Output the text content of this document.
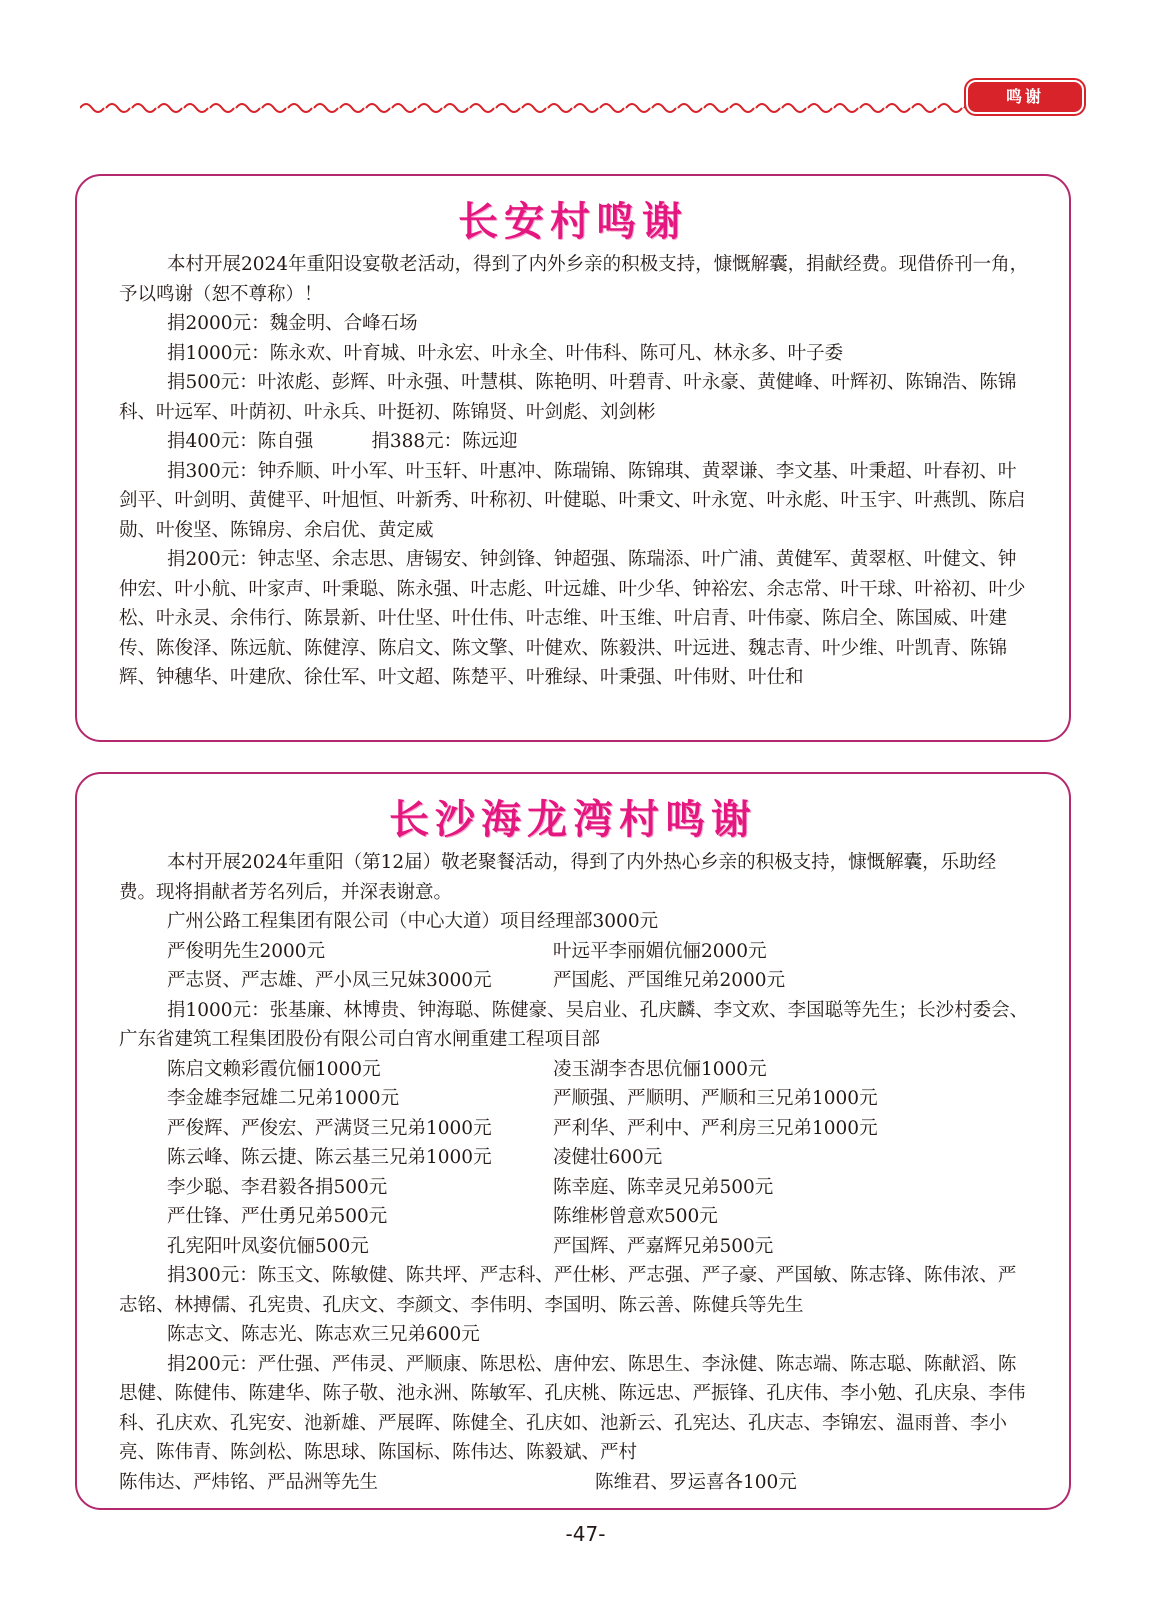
鸣谢
长安村鸣谢

本村开展2024年重阳设宴敬老活动，得到了内外乡亲的积极支持，慷慨解囊，捐献经费。现借侨刊一角，予以鸣谢（恕不尊称）！

捐2000元：魏金明、合峰石场

捐1000元：陈永欢、叶育城、叶永宏、叶永全、叶伟科、陈可凡、林永多、叶子委

捐500元：叶浓彪、彭辉、叶永强、叶慧棋、陈艳明、叶碧青、叶永豪、黄健峰、叶辉初、陈锦浩、陈锦科、叶远军、叶荫初、叶永兵、叶挺初、陈锦贤、叶剑彪、刘剑彬

捐400元：陈自强	捐388元：陈远迎

捐300元：钟乔顺、叶小军、叶玉轩、叶惠冲、陈瑞锦、陈锦琪、黄翠谦、李文基、叶秉超、叶春初、叶剑平、叶剑明、黄健平、叶旭恒、叶新秀、叶称初、叶健聪、叶秉文、叶永宽、叶永彪、叶玉宇、叶燕凯、陈启勋、叶俊坚、陈锦房、余启优、黄定威

捐200元：钟志坚、余志思、唐锡安、钟剑锋、钟超强、陈瑞添、叶广浦、黄健军、黄翠枢、叶健文、钟仲宏、叶小航、叶家声、叶秉聪、陈永强、叶志彪、叶远雄、叶少华、钟裕宏、余志常、叶干球、叶裕初、叶少松、叶永灵、余伟行、陈景新、叶仕坚、叶仕伟、叶志维、叶玉维、叶启青、叶伟豪、陈启全、陈国威、叶建传、陈俊泽、陈远航、陈健淳、陈启文、陈文擎、叶健欢、陈毅洪、叶远进、魏志青、叶少维、叶凯青、陈锦辉、钟穗华、叶建欣、徐仕军、叶文超、陈楚平、叶雅绿、叶秉强、叶伟财、叶仕和

长沙海龙湾村鸣谢

本村开展2024年重阳（第12届）敬老聚餐活动，得到了内外热心乡亲的积极支持，慷慨解囊，乐助经费。现将捐献者芳名列后，并深表谢意。

广州公路工程集团有限公司（中心大道）项目经理部3000元

严俊明先生2000元	叶远平李丽媚伉俪2000元
严志贤、严志雄、严小凤三兄妹3000元	严国彪、严国维兄弟2000元

捐1000元：张基廉、林博贵、钟海聪、陈健豪、吴启业、孔庆麟、李文欢、李国聪等先生；长沙村委会、广东省建筑工程集团股份有限公司白宵水闸重建工程项目部

陈启文赖彩霞伉俪1000元	凌玉湖李杏思伉俪1000元
李金雄李冠雄二兄弟1000元	严顺强、严顺明、严顺和三兄弟1000元
严俊辉、严俊宏、严满贤三兄弟1000元	严利华、严利中、严利房三兄弟1000元
陈云峰、陈云捷、陈云基三兄弟1000元	凌健壮600元
李少聪、李君毅各捐500元	陈幸庭、陈幸灵兄弟500元
严仕锋、严仕勇兄弟500元	陈维彬曾意欢500元
孔宪阳叶凤姿伉俪500元	严国辉、严嘉辉兄弟500元

捐300元：陈玉文、陈敏健、陈共坪、严志科、严仕彬、严志强、严子豪、严国敏、陈志锋、陈伟浓、严志铭、林搏儒、孔宪贵、孔庆文、李颜文、李伟明、李国明、陈云善、陈健兵等先生

陈志文、陈志光、陈志欢三兄弟600元

捐200元：严仕强、严伟灵、严顺康、陈思松、唐仲宏、陈思生、李泳健、陈志端、陈志聪、陈献滔、陈思健、陈健伟、陈建华、陈子敬、池永洲、陈敏军、孔庆桃、陈远忠、严振锋、孔庆伟、李小勉、孔庆泉、李伟科、孔庆欢、孔宪安、池新雄、严展晖、陈健全、孔庆如、池新云、孔宪达、孔庆志、李锦宏、温雨普、李小亮、陈伟青、陈剑松、陈思球、陈国标、陈伟达、陈毅斌、严村

陈伟达、严炜铭、严品洲等先生	陈维君、罗运喜各100元
-47-
